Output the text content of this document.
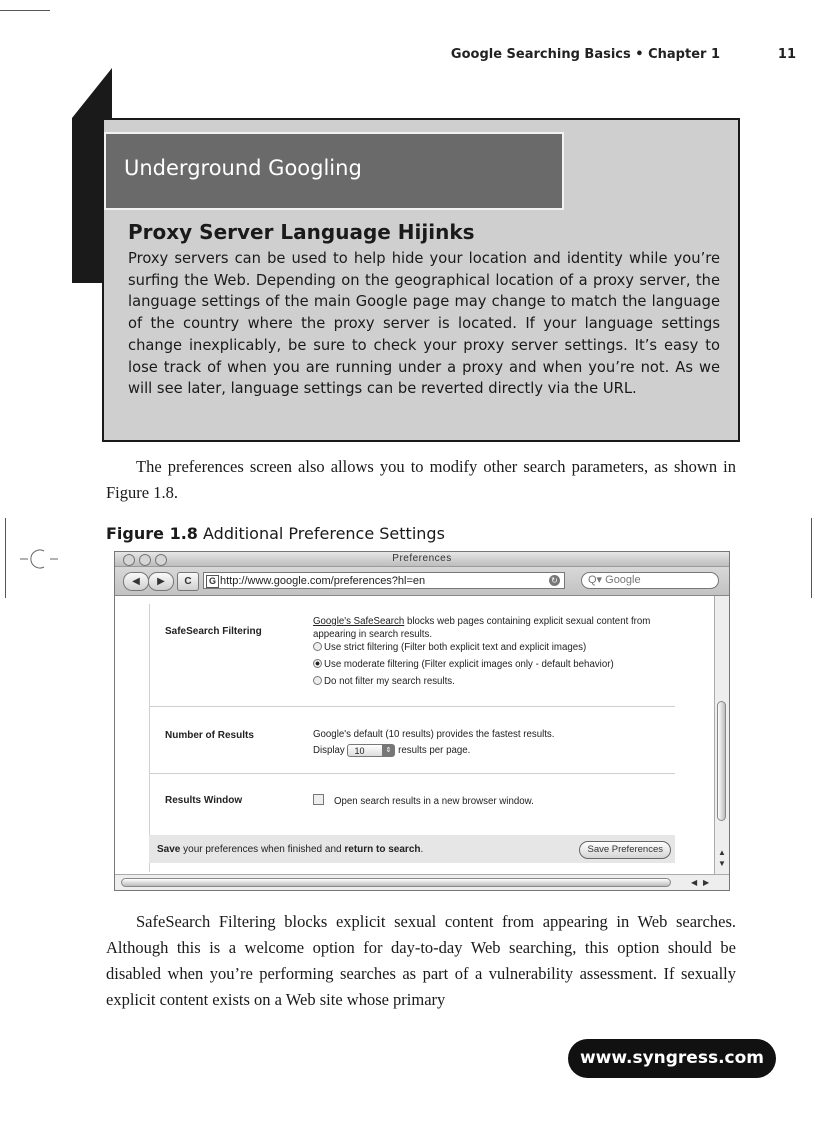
Google Searching Basics • Chapter 1	11
Underground Googling
Proxy Server Language Hijinks
Proxy servers can be used to help hide your location and identity while you’re surfing the Web. Depending on the geographical location of a proxy server, the language settings of the main Google page may change to match the language of the country where the proxy server is located. If your language settings change inexplicably, be sure to check your proxy server settings. It’s easy to lose track of when you are running under a proxy and when you’re not. As we will see later, language settings can be reverted directly via the URL.
The preferences screen also allows you to modify other search parameters, as shown in Figure 1.8.
Figure 1.8 Additional Preference Settings
Preferences
◀	▶	C	G http://www.google.com/preferences?hl=en	↻	Q▾ Google
SafeSearch Filtering
Google's SafeSearch blocks web pages containing explicit sexual content from appearing in search results.
Use strict filtering (Filter both explicit text and explicit images)
Use moderate filtering (Filter explicit images only - default behavior)
Do not filter my search results.
Number of Results	Google's default (10 results) provides the fastest results.
Display 10	⇕ results per page.
Results Window	Open search results in a new browser window.
Save your preferences when finished and return to search.	Save Preferences	▲
▼
◀ ▶
SafeSearch Filtering blocks explicit sexual content from appearing in Web searches. Although this is a welcome option for day-to-day Web searching, this option should be disabled when you’re performing searches as part of a vulnerability assessment. If sexually explicit content exists on a Web site whose primary
www.syngress.com
